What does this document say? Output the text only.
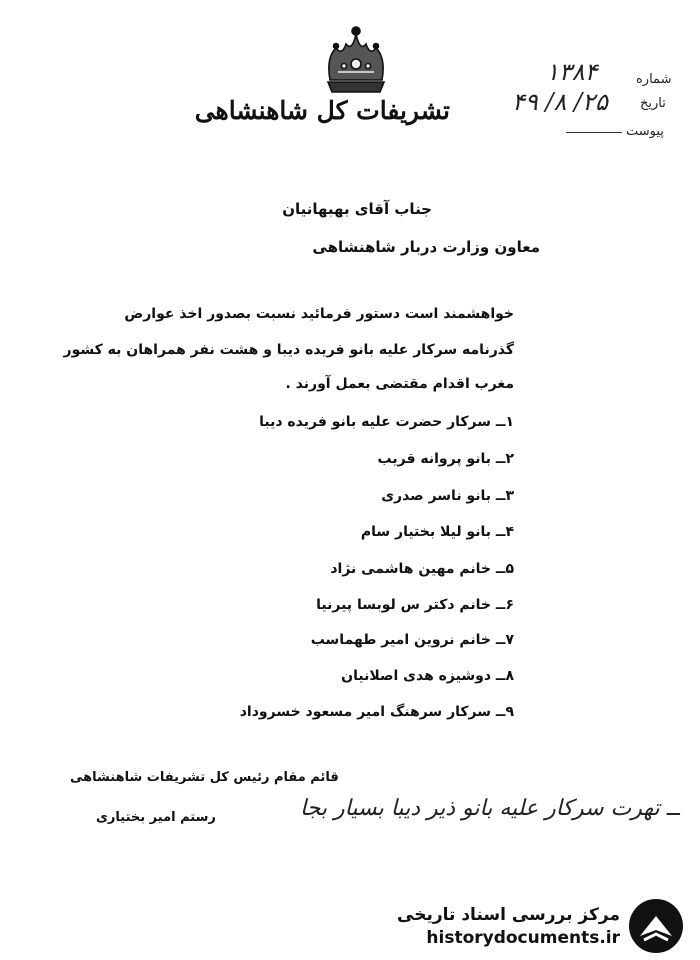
تشریفات کل شاهنشاهی
شماره
۱۳۸۴
تاریخ
۲۵/ ۸/ ۴۹
پیوست
جناب آقای بهبهانیان
معاون وزارت دربار شاهنشاهی
خواهشمند است دستور فرمائید نسبت بصدور اخذ عوارض
گذرنامه سرکار علیه بانو فریده دیبا و هشت نفر همراهان به کشور
مغرب اقدام مقتضی بعمل آورند .
۱ــ سرکار حضرت علیه بانو فریده دیبا
۲ــ بانو پروانه قریب
۳ــ بانو ناسر صدری
۴ــ بانو لیلا بختیار سام
۵ــ خانم مهین هاشمی نژاد
۶ــ خانم دکتر س لوبسا پیرنیا
۷ــ خانم نروین امیر طهماسب
۸ــ دوشیزه هدی اصلانیان
۹ــ سرکار سرهنگ امیر مسعود خسروداد
قائم مقام رئیس کل تشریفات شاهنشاهی
رستم امیر بختیاری	ــ تهرت سرکار علیه بانو ذیر دیبا بسیار بجا
مرکز بررسی اسناد تاریخی
historydocuments.ir
